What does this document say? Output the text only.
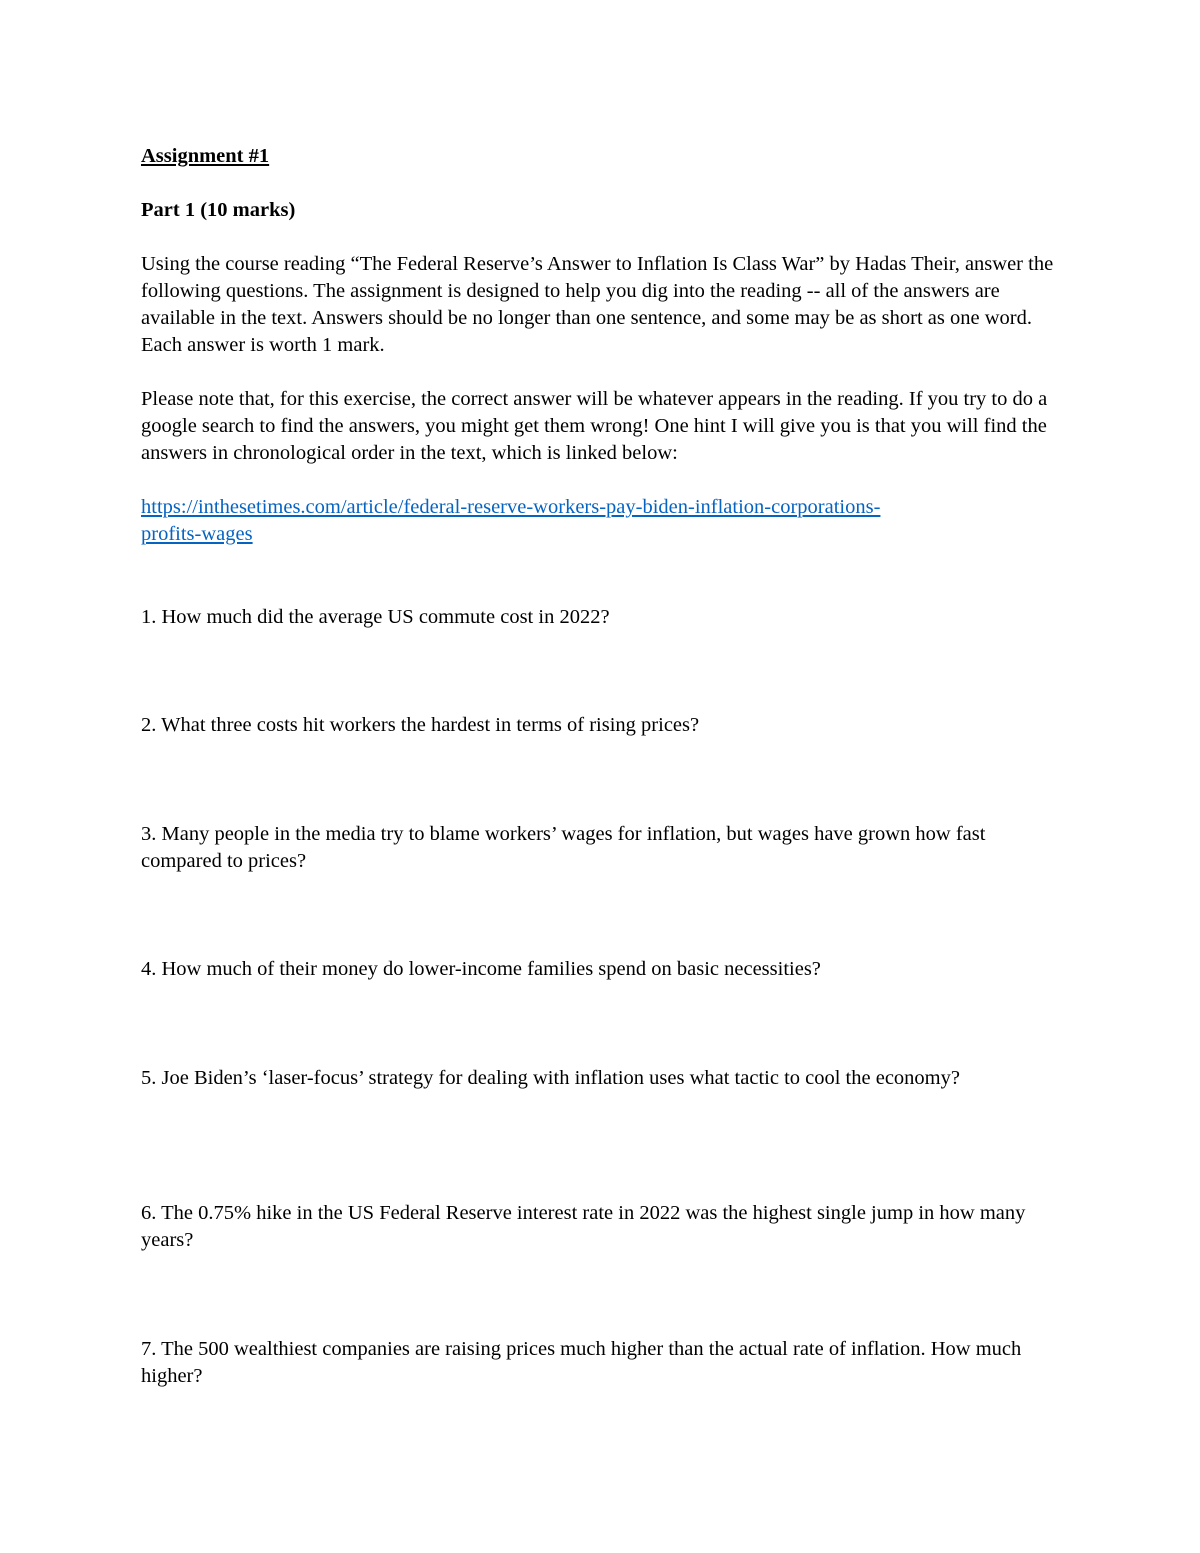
Assignment #1

Part 1 (10 marks)

Using the course reading “The Federal Reserve’s Answer to Inflation Is Class War” by Hadas Their, answer the following questions. The assignment is designed to help you dig into the reading -- all of the answers are available in the text. Answers should be no longer than one sentence, and some may be as short as one word. Each answer is worth 1 mark.

Please note that, for this exercise, the correct answer will be whatever appears in the reading. If you try to do a google search to find the answers, you might get them wrong! One hint I will give you is that you will find the answers in chronological order in the text, which is linked below:

https://inthesetimes.com/article/federal-reserve-workers-pay-biden-inflation-corporations-
profits-wages

1. How much did the average US commute cost in 2022?

2. What three costs hit workers the hardest in terms of rising prices?

3. Many people in the media try to blame workers’ wages for inflation, but wages have grown how fast compared to prices?

4. How much of their money do lower-income families spend on basic necessities?

5. Joe Biden’s ‘laser-focus’ strategy for dealing with inflation uses what tactic to cool the economy?

6. The 0.75% hike in the US Federal Reserve interest rate in 2022 was the highest single jump in how many years?

7. The 500 wealthiest companies are raising prices much higher than the actual rate of inflation. How much higher?
